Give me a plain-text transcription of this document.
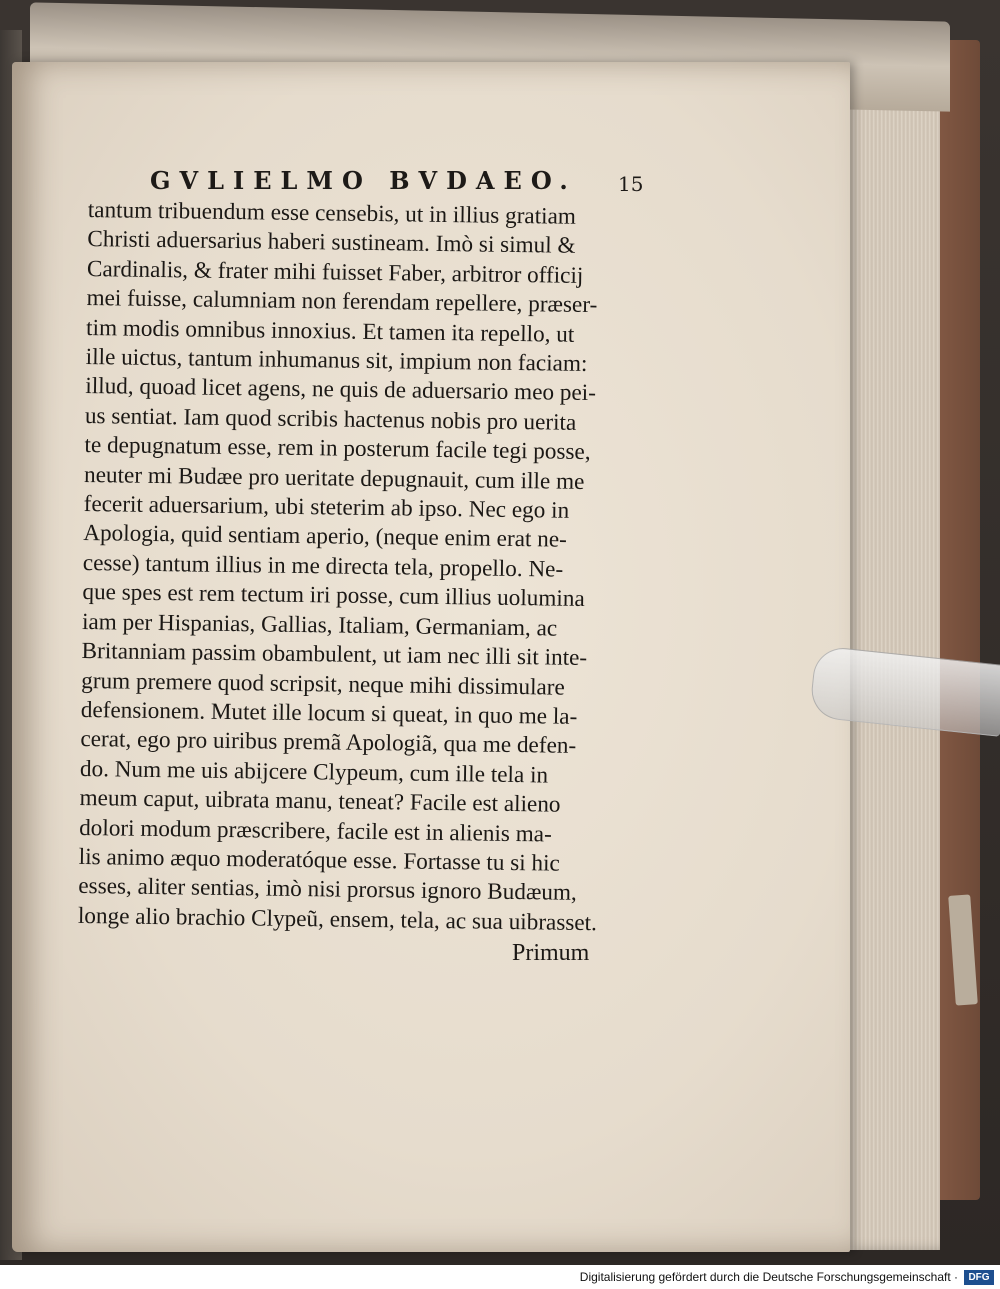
GVLIELMO BVDAEO.	15
tantum tribuendum esse censebis, ut in illius gratiam
Christi aduersarius haberi sustineam. Imò si simul &
Cardinalis, & frater mihi fuisset Faber, arbitror officij
mei fuisse, calumniam non ferendam repellere, præser-
tim modis omnibus innoxius. Et tamen ita repello, ut
ille uictus, tantum inhumanus sit, impium non faciam:
illud, quoad licet agens, ne quis de aduersario meo pei-
us sentiat. Iam quod scribis hactenus nobis pro uerita
te depugnatum esse, rem in posterum facile tegi posse,
neuter mi Budæe pro ueritate depugnauit, cum ille me
fecerit aduersarium, ubi steterim ab ipso. Nec ego in
Apologia, quid sentiam aperio, (neque enim erat ne-
cesse) tantum illius in me directa tela, propello. Ne-
que spes est rem tectum iri posse, cum illius uolumina
iam per Hispanias, Gallias, Italiam, Germaniam, ac
Britanniam passim obambulent, ut iam nec illi sit inte-
grum premere quod scripsit, neque mihi dissimulare
defensionem. Mutet ille locum si queat, in quo me la-
cerat, ego pro uiribus premã Apologiã, qua me defen-
do. Num me uis abijcere Clypeum, cum ille tela in
meum caput, uibrata manu, teneat? Facile est alieno
dolori modum præscribere, facile est in alienis ma-
lis animo æquo moderatóque esse. Fortasse tu si hic
esses, aliter sentias, imò nisi prorsus ignoro Budæum,
longe alio brachio Clypeũ, ensem, tela, ac sua uibrasset.
Primum
Digitalisierung gefördert durch die Deutsche Forschungsgemeinschaft ·	DFG
